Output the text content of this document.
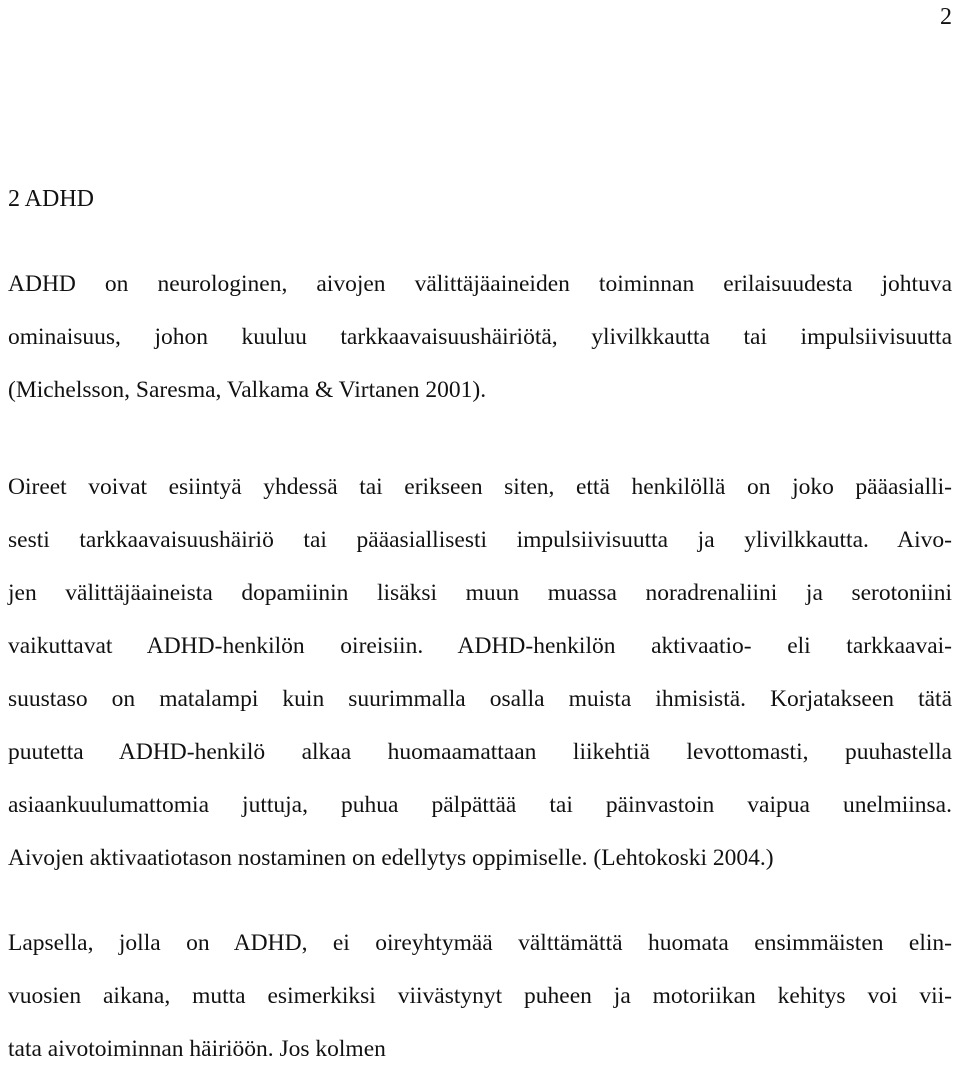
2
2 ADHD
ADHD on neurologinen, aivojen välittäjäaineiden toiminnan erilaisuudesta johtuva
ominaisuus, johon kuuluu tarkkaavaisuushäiriötä, ylivilkkautta tai impulsiivisuutta
(Michelsson, Saresma, Valkama & Virtanen 2001).
Oireet voivat esiintyä yhdessä tai erikseen siten, että henkilöllä on joko pääasialli-
sesti tarkkaavaisuushäiriö tai pääasiallisesti impulsiivisuutta ja ylivilkkautta. Aivo-
jen välittäjäaineista dopamiinin lisäksi muun muassa noradrenaliini ja serotoniini
vaikuttavat ADHD-henkilön oireisiin. ADHD-henkilön aktivaatio- eli tarkkaavai-
suustaso on matalampi kuin suurimmalla osalla muista ihmisistä. Korjatakseen tätä
puutetta ADHD-henkilö alkaa huomaamattaan liikehtiä levottomasti, puuhastella
asiaankuulumattomia juttuja, puhua pälpättää tai päinvastoin vaipua unelmiinsa.
Aivojen aktivaatiotason nostaminen on edellytys oppimiselle. (Lehtokoski 2004.)
Lapsella, jolla on ADHD, ei oireyhtymää välttämättä huomata ensimmäisten elin-
vuosien aikana, mutta esimerkiksi viivästynyt puheen ja motoriikan kehitys voi vii-
tata aivotoiminnan häiriöön. Jos kolmen
